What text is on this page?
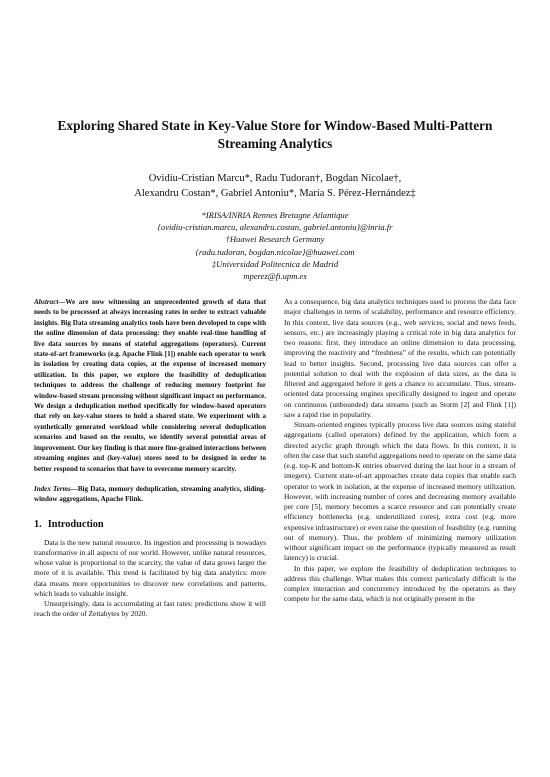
Exploring Shared State in Key-Value Store for Window-Based Multi-Pattern Streaming Analytics
Ovidiu-Cristian Marcu*, Radu Tudoran†, Bogdan Nicolae†,
Alexandru Costan*, Gabriel Antoniu*, María S. Pérez-Hernández‡
*IRISA/INRIA Rennes Bretagne Atlantique
{ovidiu-cristian.marcu, alexandru.costan, gabriel.antoniu}@inria.fr
†Huawei Research Germany
{radu.tudoran, bogdan.nicolae}@huawei.com
‡Universidad Politecnica de Madrid
mperez@fi.upm.es

Abstract—We are now witnessing an unprecedented growth of data that needs to be processed at always increasing rates in order to extract valuable insights. Big Data streaming analytics tools have been developed to cope with the online dimension of data processing: they enable real-time handling of live data sources by means of stateful aggregations (operators). Current state-of-art frameworks (e.g. Apache Flink [1]) enable each operator to work in isolation by creating data copies, at the expense of increased memory utilization. In this paper, we explore the feasibility of deduplication techniques to address the challenge of reducing memory footprint for window-based stream processing without significant impact on performance. We design a deduplication method specifically for window-based operators that rely on key-value stores to hold a shared state. We experiment with a synthetically generated workload while considering several deduplication scenarios and based on the results, we identify several potential areas of improvement. Our key finding is that more fine-grained interactions between streaming engines and (key-value) stores need to be designed in order to better respond to scenarios that have to overcome memory scarcity.

Index Terms—Big Data, memory deduplication, streaming analytics, sliding-window aggregations, Apache Flink.

1. Introduction

Data is the new natural resource. Its ingestion and processing is nowadays transformative in all aspects of our world. However, unlike natural resources, whose value is proportional to the scarcity, the value of data grows larger the more of it is available. This trend is facilitated by big data analytics: more data means more opportunities to discover new correlations and patterns, which leads to valuable insight.

Unsurprisingly, data is accumulating at fast rates: predictions show it will reach the order of Zettabytes by 2020.

As a consequence, big data analytics techniques used to process the data face major challenges in terms of scalability, performance and resource efficiency. In this context, live data sources (e.g., web services, social and news feeds, sensors, etc.) are increasingly playing a critical role in big data analytics for two reasons: first, they introduce an online dimension to data processing, improving the reactivity and “freshness” of the results, which can potentially lead to better insights. Second, processing live data sources can offer a potential solution to deal with the explosion of data sizes, as the data is filtered and aggregated before it gets a chance to accumulate. Thus, stream-oriented data processing engines specifically designed to ingest and operate on continuous (unbounded) data streams (such as Storm [2] and Flink [1]) saw a rapid rise in popularity.

Stream-oriented engines typically process live data sources using stateful aggregations (called operators) defined by the application, which form a directed acyclic graph through which the data flows. In this context, it is often the case that such stateful aggregations need to operate on the same data (e.g. top-K and bottom-K entries observed during the last hour in a stream of integers). Current state-of-art approaches create data copies that enable each operator to work in isolation, at the expense of increased memory utilization. However, with increasing number of cores and decreasing memory available per core [5], memory becomes a scarce resource and can potentially create efficiency bottlenecks (e.g. underutilized cores), extra cost (e.g. more expensive infrastructure) or even raise the question of feasibility (e.g. running out of memory). Thus, the problem of minimizing memory utilization without significant impact on the performance (typically measured as result latency) is crucial.

In this paper, we explore the feasibility of deduplication techniques to address this challenge. What makes this context particularly difficult is the complex interaction and concurrency introduced by the operators as they compete for the same data, which is not originally present in the
